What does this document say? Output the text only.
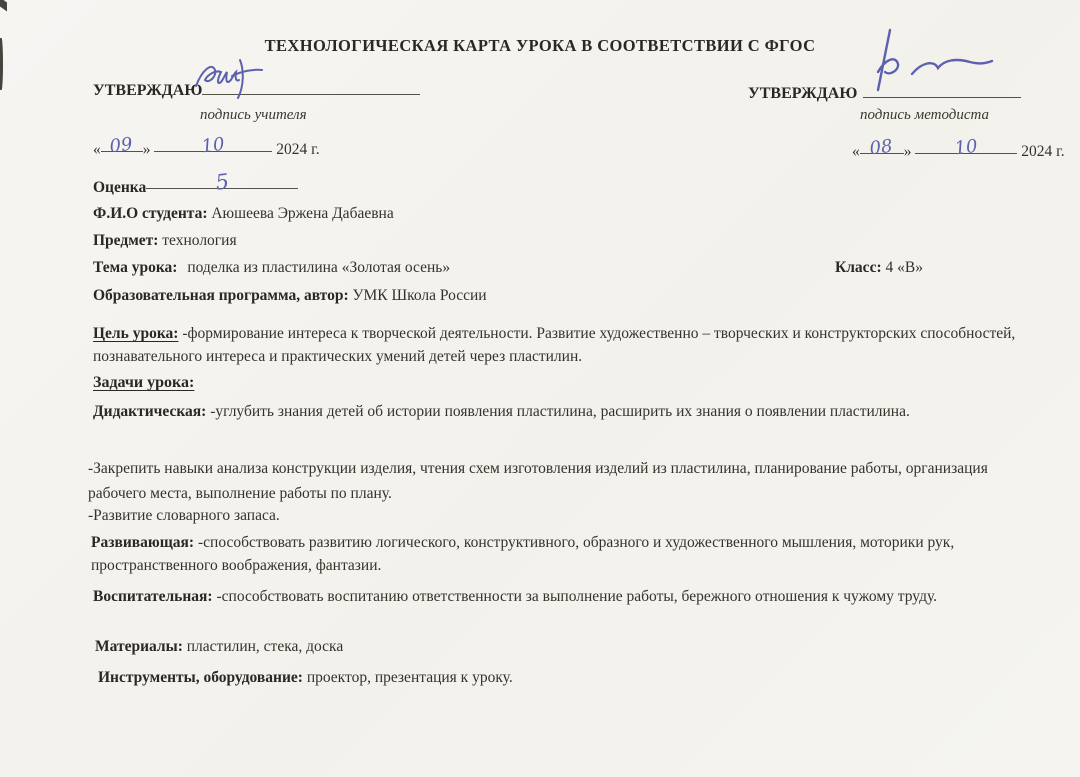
ТЕХНОЛОГИЧЕСКАЯ КАРТА УРОКА В СООТВЕТСТВИИ С ФГОС
УТВЕРЖДАЮ
подпись учителя
« 09 »	10	2024 г.
УТВЕРЖДАЮ
подпись методиста
« 08 » 10	2024 г.
Оценка	5
Ф.И.О студента: Аюшеева Эржена Дабаевна
Предмет: технология
Тема урока: поделка из пластилина «Золотая осень»	Класс: 4 «В»
Образовательная программа, автор: УМК Школа России
Цель урока: -формирование интереса к творческой деятельности. Развитие художественно – творческих и конструкторских способностей, познавательного интереса и практических умений детей через пластилин.
Задачи урока:
Дидактическая: -углубить знания детей об истории появления пластилина, расширить их знания о появлении пластилина.
-Закрепить навыки анализа конструкции изделия, чтения схем изготовления изделий из пластилина, планирование работы, организация рабочего места, выполнение работы по плану.
-Развитие словарного запаса.
Развивающая: -способствовать развитию логического, конструктивного, образного и художественного мышления, моторики рук, пространственного воображения, фантазии.
Воспитательная: -способствовать воспитанию ответственности за выполнение работы, бережного отношения к чужому труду.
Материалы: пластилин, стека, доска
Инструменты, оборудование: проектор, презентация к уроку.
